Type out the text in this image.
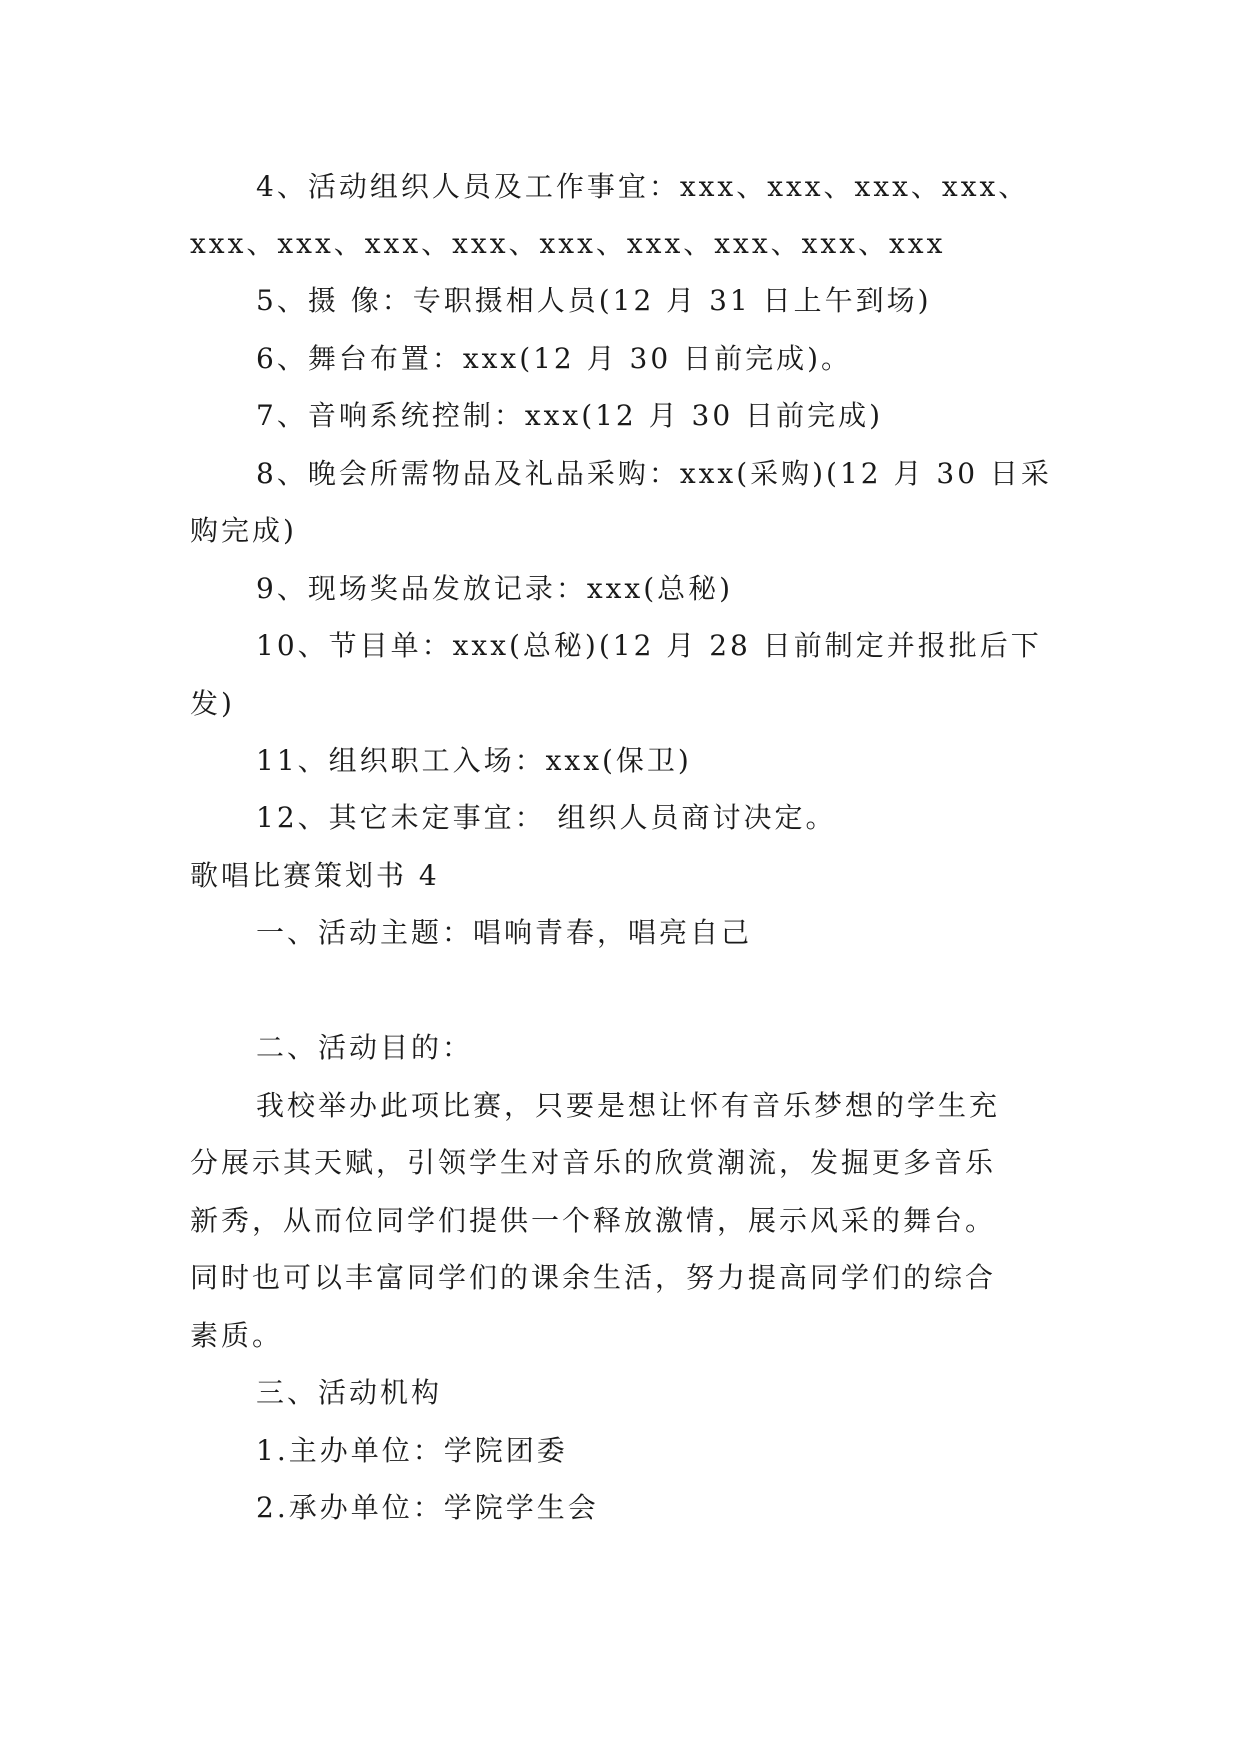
4、活动组织人员及工作事宜：xxx、xxx、xxx、xxx、
xxx、xxx、xxx、xxx、xxx、xxx、xxx、xxx、xxx
5、摄 像：专职摄相人员(12 月 31 日上午到场)
6、舞台布置：xxx(12 月 30 日前完成)。
7、音响系统控制：xxx(12 月 30 日前完成)
8、晚会所需物品及礼品采购：xxx(采购)(12 月 30 日采
购完成)
9、现场奖品发放记录：xxx(总秘)
10、节目单：xxx(总秘)(12 月 28 日前制定并报批后下
发)
11、组织职工入场：xxx(保卫)
12、其它未定事宜： 组织人员商讨决定。
歌唱比赛策划书 4
一、活动主题：唱响青春，唱亮自己
二、活动目的：
我校举办此项比赛，只要是想让怀有音乐梦想的学生充
分展示其天赋，引领学生对音乐的欣赏潮流，发掘更多音乐
新秀，从而位同学们提供一个释放激情，展示风采的舞台。
同时也可以丰富同学们的课余生活，努力提高同学们的综合
素质。
三、活动机构
1.主办单位：学院团委
2.承办单位：学院学生会
